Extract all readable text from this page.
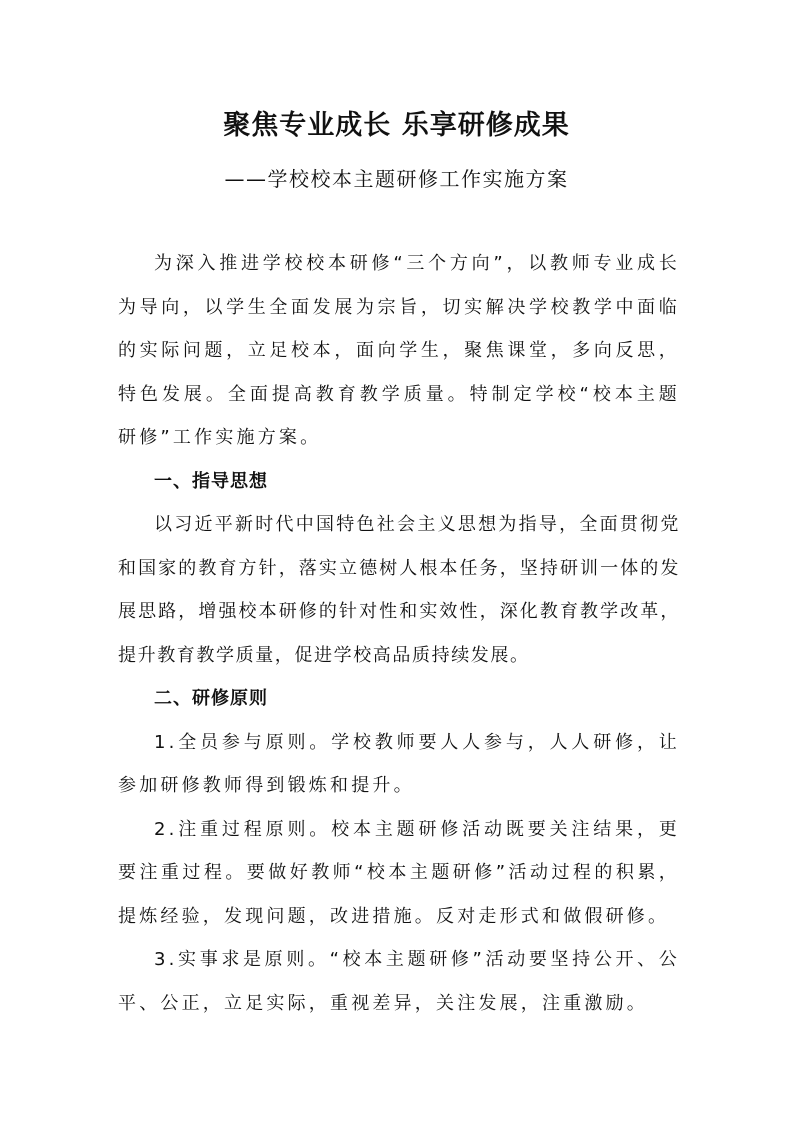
聚焦专业成长 乐享研修成果
——学校校本主题研修工作实施方案

为深入推进学校校本研修“三个方向”，以教师专业成长为导向，以学生全面发展为宗旨，切实解决学校教学中面临的实际问题，立足校本，面向学生，聚焦课堂，多向反思，特色发展。全面提高教育教学质量。特制定学校“校本主题研修”工作实施方案。

一、指导思想

以习近平新时代中国特色社会主义思想为指导，全面贯彻党和国家的教育方针，落实立德树人根本任务，坚持研训一体的发展思路，增强校本研修的针对性和实效性，深化教育教学改革，提升教育教学质量，促进学校高品质持续发展。

二、研修原则

1.全员参与原则。学校教师要人人参与，人人研修，让参加研修教师得到锻炼和提升。

2.注重过程原则。校本主题研修活动既要关注结果，更要注重过程。要做好教师“校本主题研修”活动过程的积累，提炼经验，发现问题，改进措施。反对走形式和做假研修。

3.实事求是原则。“校本主题研修”活动要坚持公开、公平、公正，立足实际，重视差异，关注发展，注重激励。
